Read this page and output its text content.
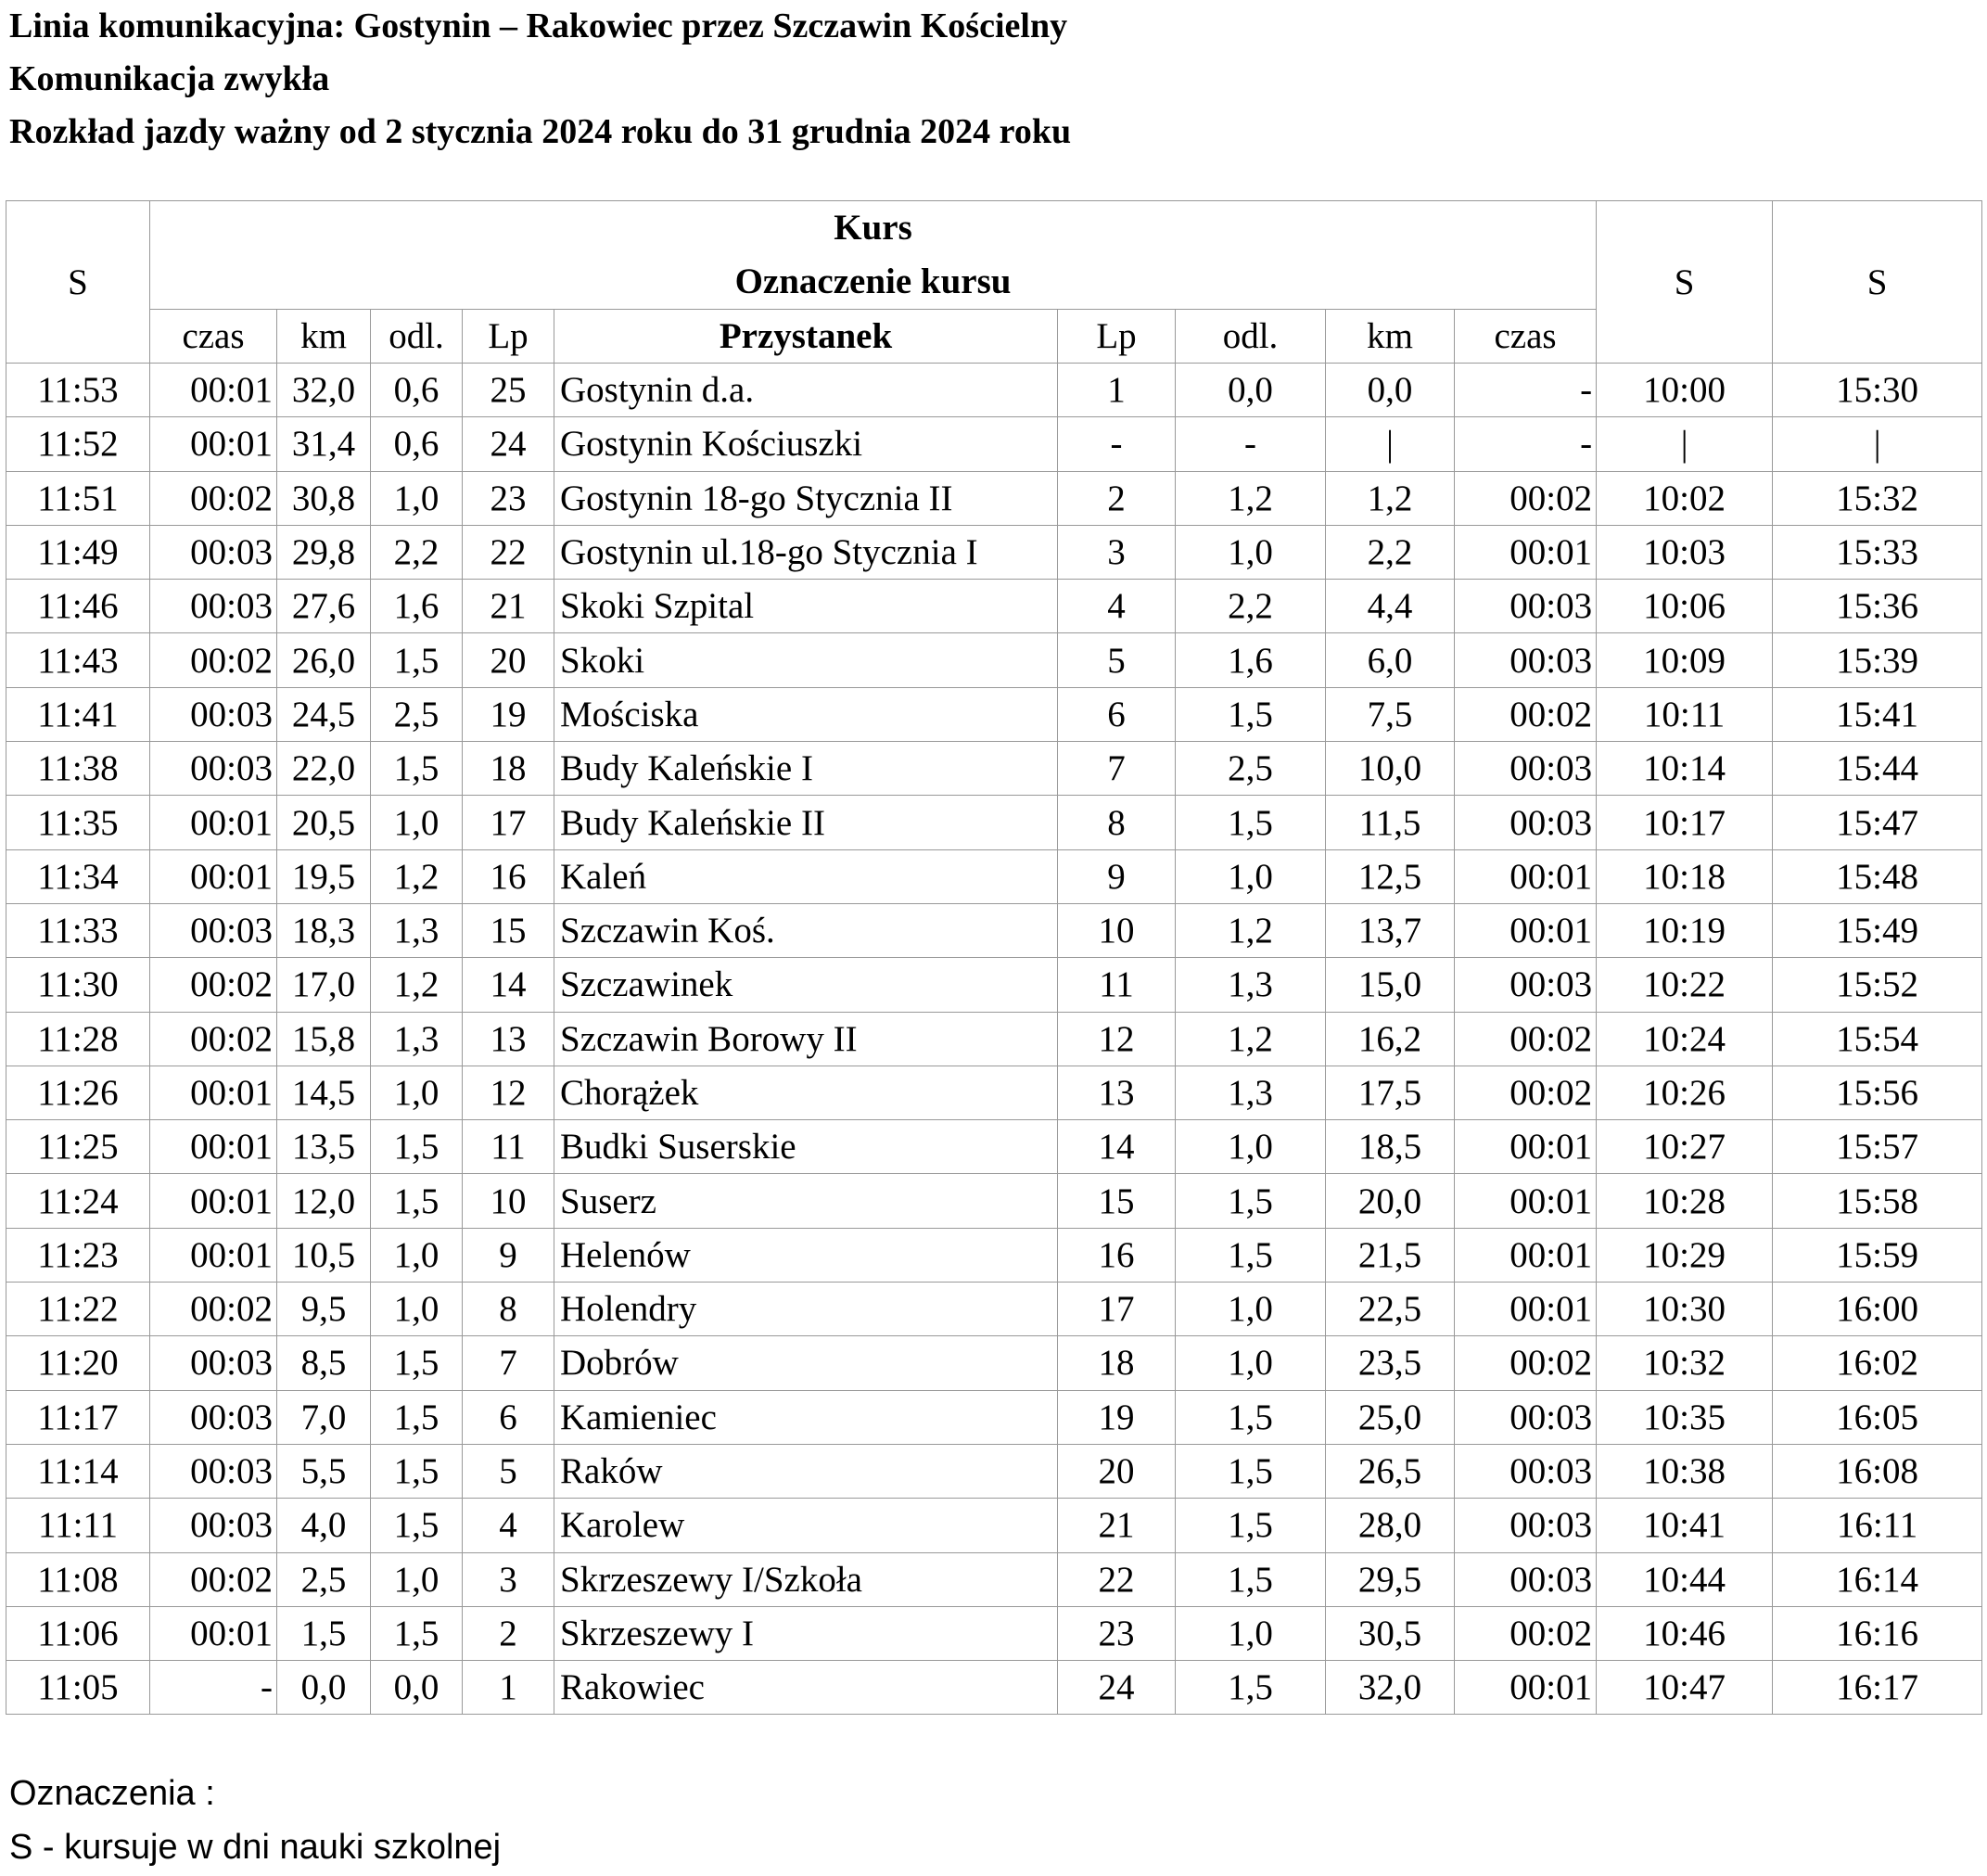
Linia komunikacyjna: Gostynin – Rakowiec przez Szczawin Kościelny
Komunikacja zwykła
Rozkład jazdy ważny od 2 stycznia 2024 roku do 31 grudnia 2024 roku
S	Kurs
Oznaczenie kursu									S	S
	czas	km	odl.	Lp	Przystanek	Lp	odl.	km	czas		
11:53	00:01	32,0	0,6	25	Gostynin d.a.	1	0,0	0,0	-	10:00	15:30
11:52	00:01	31,4	0,6	24	Gostynin Kościuszki	-	-	|	-	|	|
11:51	00:02	30,8	1,0	23	Gostynin 18-go Stycznia II	2	1,2	1,2	00:02	10:02	15:32
11:49	00:03	29,8	2,2	22	Gostynin ul.18-go Stycznia I	3	1,0	2,2	00:01	10:03	15:33
11:46	00:03	27,6	1,6	21	Skoki Szpital	4	2,2	4,4	00:03	10:06	15:36
11:43	00:02	26,0	1,5	20	Skoki	5	1,6	6,0	00:03	10:09	15:39
11:41	00:03	24,5	2,5	19	Mościska	6	1,5	7,5	00:02	10:11	15:41
11:38	00:03	22,0	1,5	18	Budy Kaleńskie I	7	2,5	10,0	00:03	10:14	15:44
11:35	00:01	20,5	1,0	17	Budy Kaleńskie II	8	1,5	11,5	00:03	10:17	15:47
11:34	00:01	19,5	1,2	16	Kaleń	9	1,0	12,5	00:01	10:18	15:48
11:33	00:03	18,3	1,3	15	Szczawin Koś.	10	1,2	13,7	00:01	10:19	15:49
11:30	00:02	17,0	1,2	14	Szczawinek	11	1,3	15,0	00:03	10:22	15:52
11:28	00:02	15,8	1,3	13	Szczawin Borowy II	12	1,2	16,2	00:02	10:24	15:54
11:26	00:01	14,5	1,0	12	Chorążek	13	1,3	17,5	00:02	10:26	15:56
11:25	00:01	13,5	1,5	11	Budki Suserskie	14	1,0	18,5	00:01	10:27	15:57
11:24	00:01	12,0	1,5	10	Suserz	15	1,5	20,0	00:01	10:28	15:58
11:23	00:01	10,5	1,0	9	Helenów	16	1,5	21,5	00:01	10:29	15:59
11:22	00:02	9,5	1,0	8	Holendry	17	1,0	22,5	00:01	10:30	16:00
11:20	00:03	8,5	1,5	7	Dobrów	18	1,0	23,5	00:02	10:32	16:02
11:17	00:03	7,0	1,5	6	Kamieniec	19	1,5	25,0	00:03	10:35	16:05
11:14	00:03	5,5	1,5	5	Raków	20	1,5	26,5	00:03	10:38	16:08
11:11	00:03	4,0	1,5	4	Karolew	21	1,5	28,0	00:03	10:41	16:11
11:08	00:02	2,5	1,0	3	Skrzeszewy I/Szkoła	22	1,5	29,5	00:03	10:44	16:14
11:06	00:01	1,5	1,5	2	Skrzeszewy I	23	1,0	30,5	00:02	10:46	16:16
11:05	-	0,0	0,0	1	Rakowiec	24	1,5	32,0	00:01	10:47	16:17
Oznaczenia :
S - kursuje w dni nauki szkolnej
